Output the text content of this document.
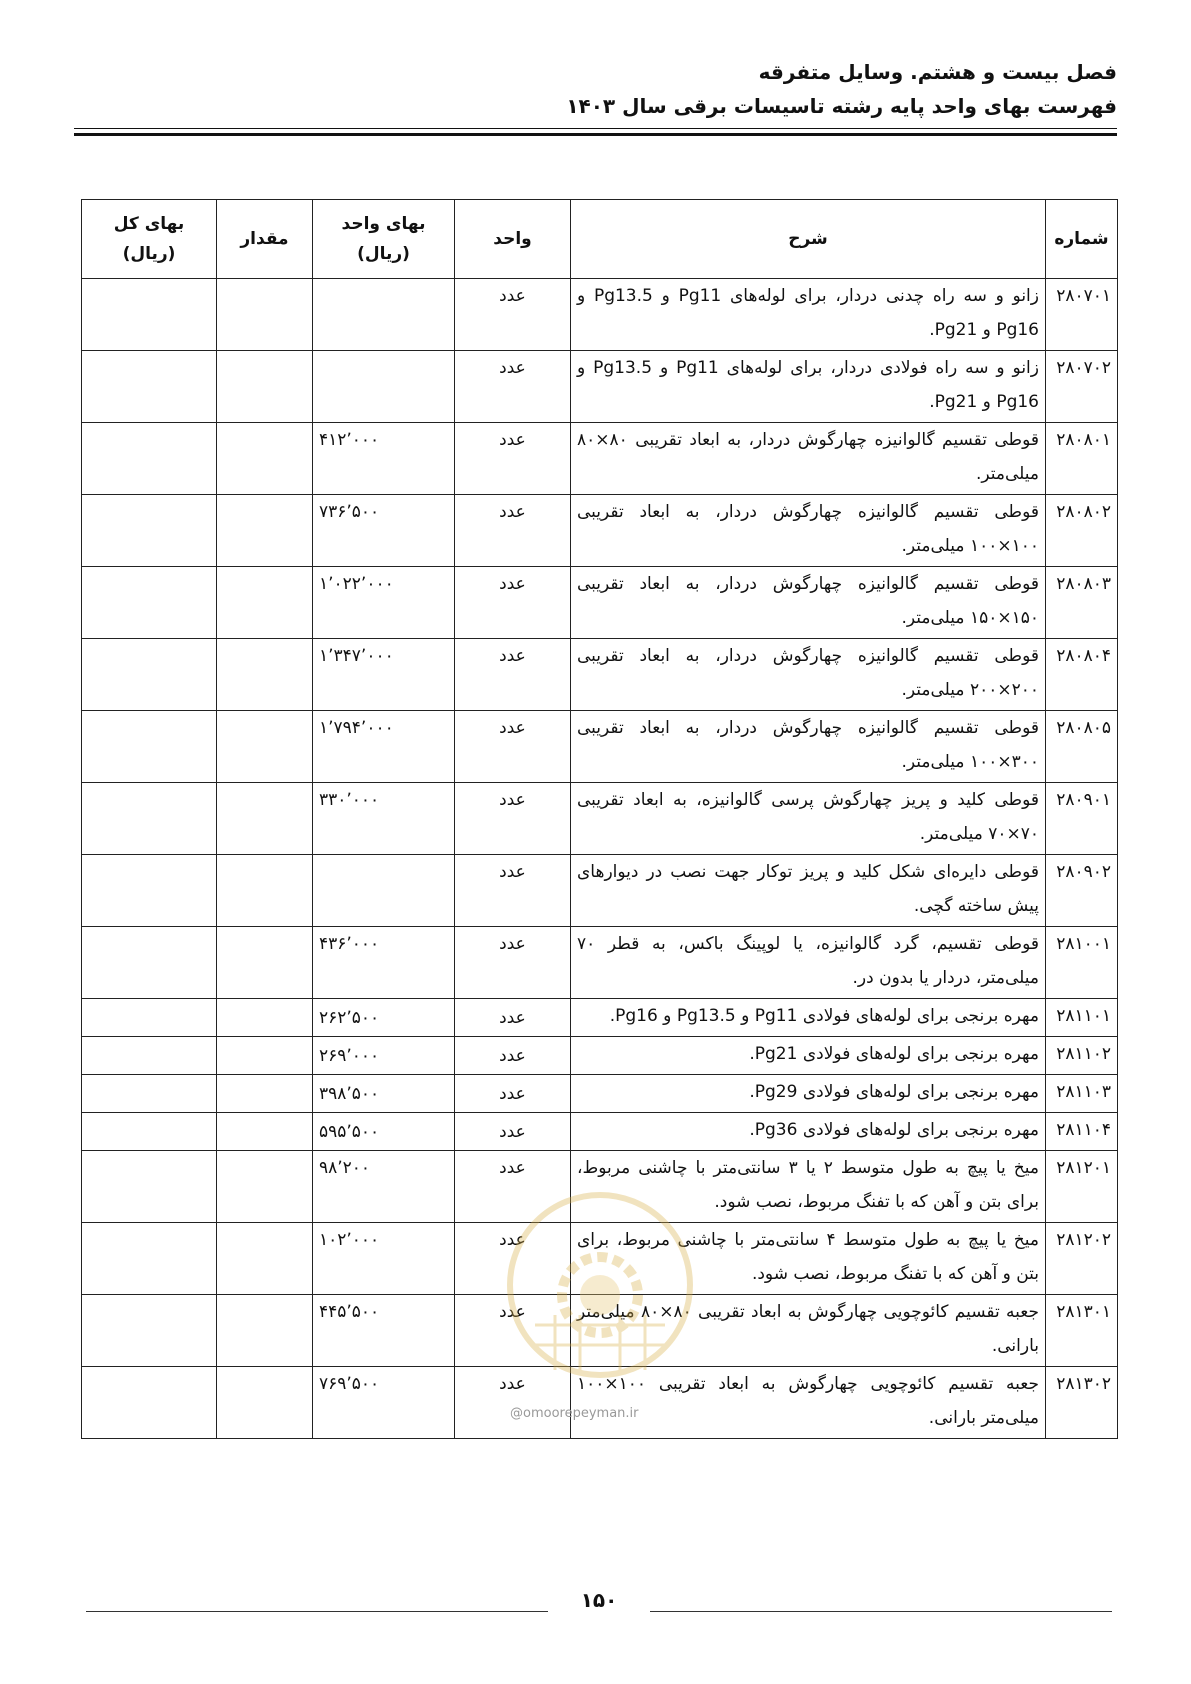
فصل بیست و هشتم. وسایل متفرقه
فهرست بهای واحد پایه رشته تاسیسات برقی سال ۱۴۰۳
شماره	شرح	واحد	بهای واحد (ریال)	مقدار	بهای کل (ریال)
۲۸۰۷۰۱	زانو و سه راه چدنی دردار، برای لوله‌های Pg11 و Pg13.5 و Pg16 و Pg21.	عدد			
۲۸۰۷۰۲	زانو و سه راه فولادی دردار، برای لوله‌های Pg11 و Pg13.5 و Pg16 و Pg21.	عدد			
۲۸۰۸۰۱	قوطی تقسیم گالوانیزه چهارگوش دردار، به ابعاد تقریبی ۸۰×۸۰ میلی‌متر.	عدد	۴۱۲٬۰۰۰		
۲۸۰۸۰۲	قوطی تقسیم گالوانیزه چهارگوش دردار، به ابعاد تقریبی ۱۰۰×۱۰۰ میلی‌متر.	عدد	۷۳۶٬۵۰۰		
۲۸۰۸۰۳	قوطی تقسیم گالوانیزه چهارگوش دردار، به ابعاد تقریبی ۱۵۰×۱۵۰ میلی‌متر.	عدد	۱٬۰۲۲٬۰۰۰		
۲۸۰۸۰۴	قوطی تقسیم گالوانیزه چهارگوش دردار، به ابعاد تقریبی ۲۰۰×۲۰۰ میلی‌متر.	عدد	۱٬۳۴۷٬۰۰۰		
۲۸۰۸۰۵	قوطی تقسیم گالوانیزه چهارگوش دردار، به ابعاد تقریبی ۳۰۰×۱۰۰ میلی‌متر.	عدد	۱٬۷۹۴٬۰۰۰		
۲۸۰۹۰۱	قوطی کلید و پریز چهارگوش پرسی گالوانیزه، به ابعاد تقریبی ۷۰×۷۰ میلی‌متر.	عدد	۳۳۰٬۰۰۰		
۲۸۰۹۰۲	قوطی دایره‌ای شکل کلید و پریز توکار جهت نصب در دیوارهای پیش ساخته گچی.	عدد			
۲۸۱۰۰۱	قوطی تقسیم، گرد گالوانیزه، یا لوپینگ باکس، به قطر ۷۰ میلی‌متر، دردار یا بدون در.	عدد	۴۳۶٬۰۰۰		
۲۸۱۱۰۱	مهره برنجی برای لوله‌های فولادی Pg11 و Pg13.5 و Pg16.	عدد	۲۶۲٬۵۰۰		
۲۸۱۱۰۲	مهره برنجی برای لوله‌های فولادی Pg21.	عدد	۲۶۹٬۰۰۰		
۲۸۱۱۰۳	مهره برنجی برای لوله‌های فولادی Pg29.	عدد	۳۹۸٬۵۰۰		
۲۸۱۱۰۴	مهره برنجی برای لوله‌های فولادی Pg36.	عدد	۵۹۵٬۵۰۰		
۲۸۱۲۰۱	میخ یا پیچ به طول متوسط ۲ یا ۳ سانتی‌متر با چاشنی مربوط، برای بتن و آهن که با تفنگ مربوط، نصب شود.	عدد	۹۸٬۲۰۰		
۲۸۱۲۰۲	میخ یا پیچ به طول متوسط ۴ سانتی‌متر با چاشنی مربوط، برای بتن و آهن که با تفنگ مربوط، نصب شود.	عدد	۱۰۲٬۰۰۰		
۲۸۱۳۰۱	جعبه تقسیم کائوچویی چهارگوش به ابعاد تقریبی ۸۰×۸۰ میلی‌متر بارانی.	عدد	۴۴۵٬۵۰۰		
۲۸۱۳۰۲	جعبه تقسیم کائوچویی چهارگوش به ابعاد تقریبی ۱۰۰×۱۰۰ میلی‌متر بارانی.	عدد	۷۶۹٬۵۰۰		
@omoorepeyman.ir
۱۵۰
